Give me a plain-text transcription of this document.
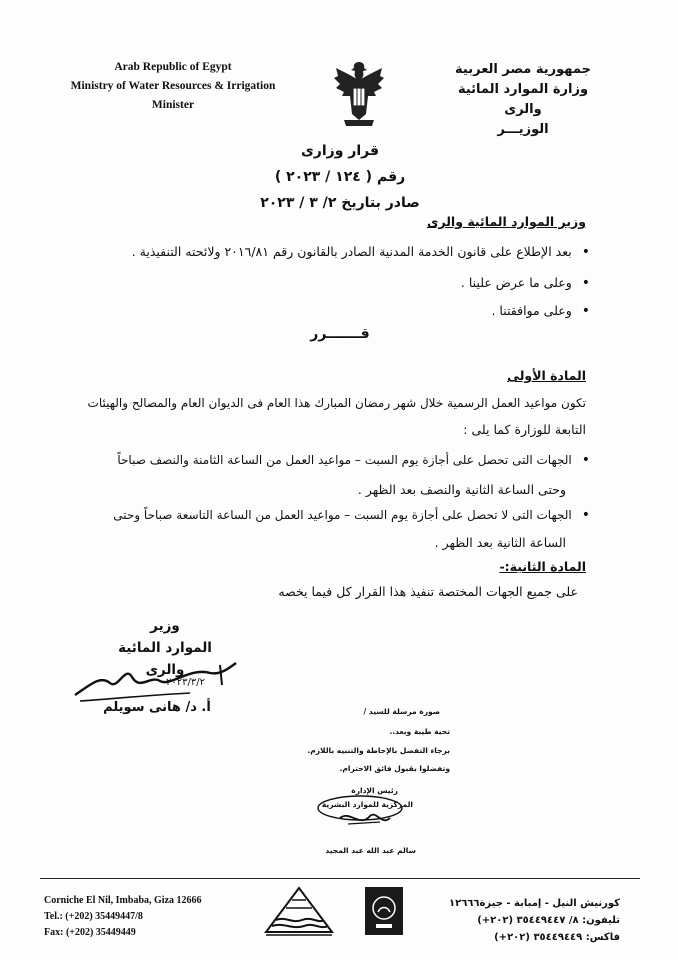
Arab Republic of Egypt
Ministry of Water Resources & Irrigation
Minister
جمهورية مصر العربية
وزارة الموارد المائية والرى
الوزيـــر
قرار وزارى
رقم ( ١٢٤ / ٢٠٢٣ )
صادر بتاريخ ٢/ ٣ / ٢٠٢٣
وزير الموارد المائية والرى
• بعد الإطلاع على قانون الخدمة المدنية الصادر بالقانون رقم ٢٠١٦/٨١ ولائحته التنفيذية .
• وعلى ما عرض علينا .
• وعلى موافقتنا .
قـــــــرر
المادة الأولى
تكون مواعيد العمل الرسمية خلال شهر رمضان المبارك هذا العام فى الديوان العام والمصالح والهيئات
التابعة للوزارة كما يلى :
• الجهات التى تحصل على أجازة يوم السبت – مواعيد العمل من الساعة الثامنة والنصف صباحاً
وحتى الساعة الثانية والنصف بعد الظهر .
• الجهات التى لا تحصل على أجازة يوم السبت – مواعيد العمل من الساعة التاسعة صباحاً وحتى
الساعة الثانية بعد الظهر .
المادة الثانية:-
على جميع الجهات المختصة تنفيذ هذا القرار كل فيما يخصه
وزير
الموارد المائية والرى
٢٠٢٣/٣/٢
أ. د/ هانى سويلم	صورة مرسلة للسيد /
تحية طيبة وبعد..
برجاء التفضل بالإحاطة والتنبيه باللازم.
وتفضلوا بقبول فائق الاحترام.
رئيس الإدارة
المركزية للموارد البشرية
سالم عبد الله عبد المجيد
Corniche El Nil, Imbaba, Giza 12666
Tel.: (+202) 35449447/8
Fax: (+202) 35449449
كورنيش النيل - إمبابة - جيزة١٢٦٦٦
تليفون: ٨/ ٣٥٤٤٩٤٤٧ (٢٠٢+)
فاكس: ٣٥٤٤٩٤٤٩ (٢٠٢+)
